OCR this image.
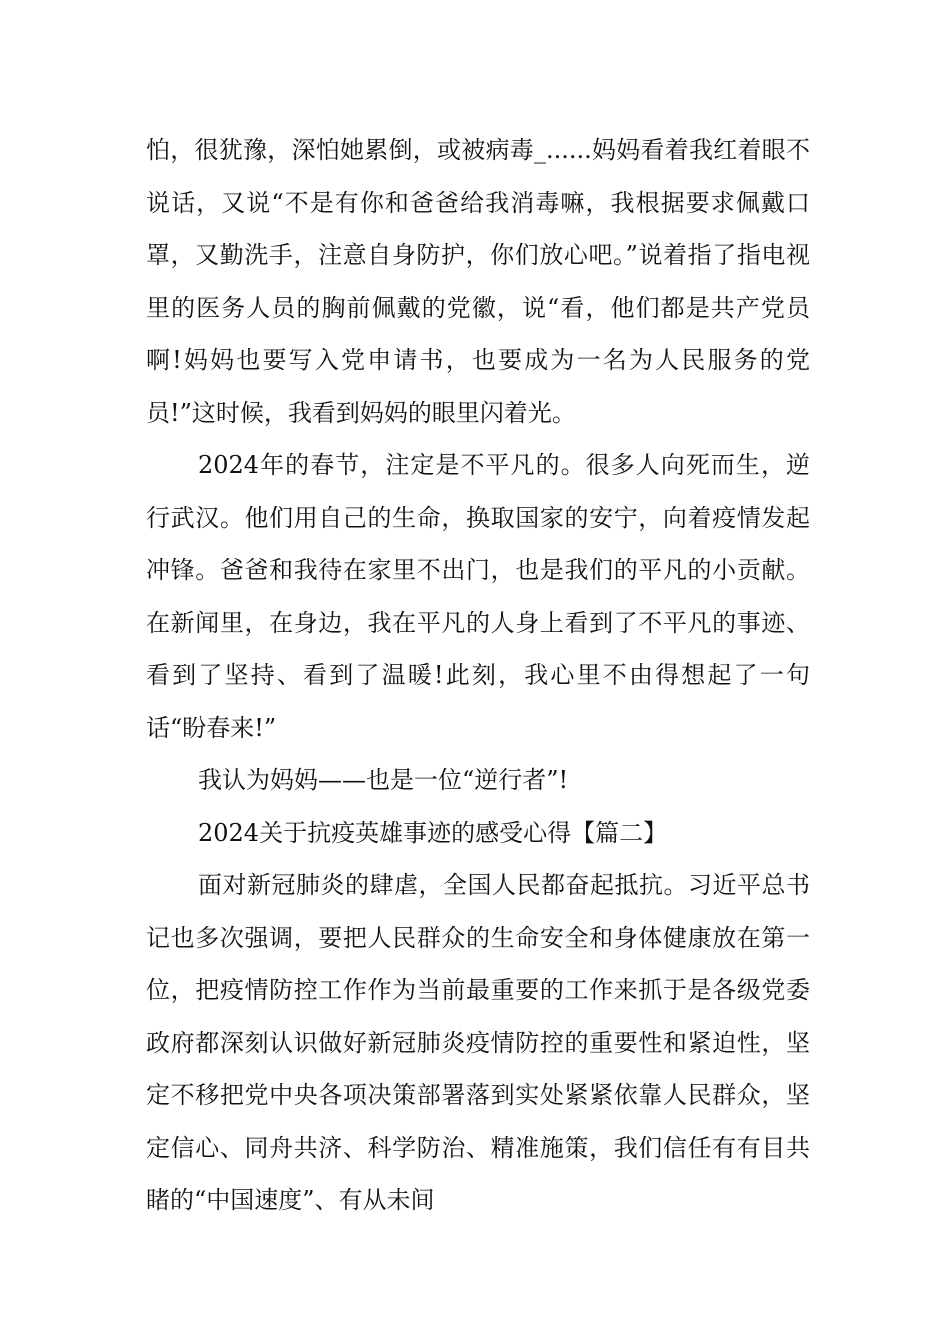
怕，很犹豫，深怕她累倒，或被病毒_......妈妈看着我红着眼不说话，又说“不是有你和爸爸给我消毒嘛，我根据要求佩戴口罩，又勤洗手，注意自身防护，你们放心吧。”说着指了指电视里的医务人员的胸前佩戴的党徽，说“看，他们都是共产党员啊!妈妈也要写入党申请书，也要成为一名为人民服务的党员!”这时候，我看到妈妈的眼里闪着光。

2024年的春节，注定是不平凡的。很多人向死而生，逆行武汉。他们用自己的生命，换取国家的安宁，向着疫情发起冲锋。爸爸和我待在家里不出门，也是我们的平凡的小贡献。在新闻里，在身边，我在平凡的人身上看到了不平凡的事迹、看到了坚持、看到了温暖!此刻，我心里不由得想起了一句话“盼春来!”

我认为妈妈——也是一位“逆行者”!

2024关于抗疫英雄事迹的感受心得【篇二】

面对新冠肺炎的肆虐，全国人民都奋起抵抗。习近平总书记也多次强调，要把人民群众的生命安全和身体健康放在第一位，把疫情防控工作作为当前最重要的工作来抓于是各级党委政府都深刻认识做好新冠肺炎疫情防控的重要性和紧迫性，坚定不移把党中央各项决策部署落到实处紧紧依靠人民群众，坚定信心、同舟共济、科学防治、精准施策，我们信任有有目共睹的“中国速度”、有从未间
